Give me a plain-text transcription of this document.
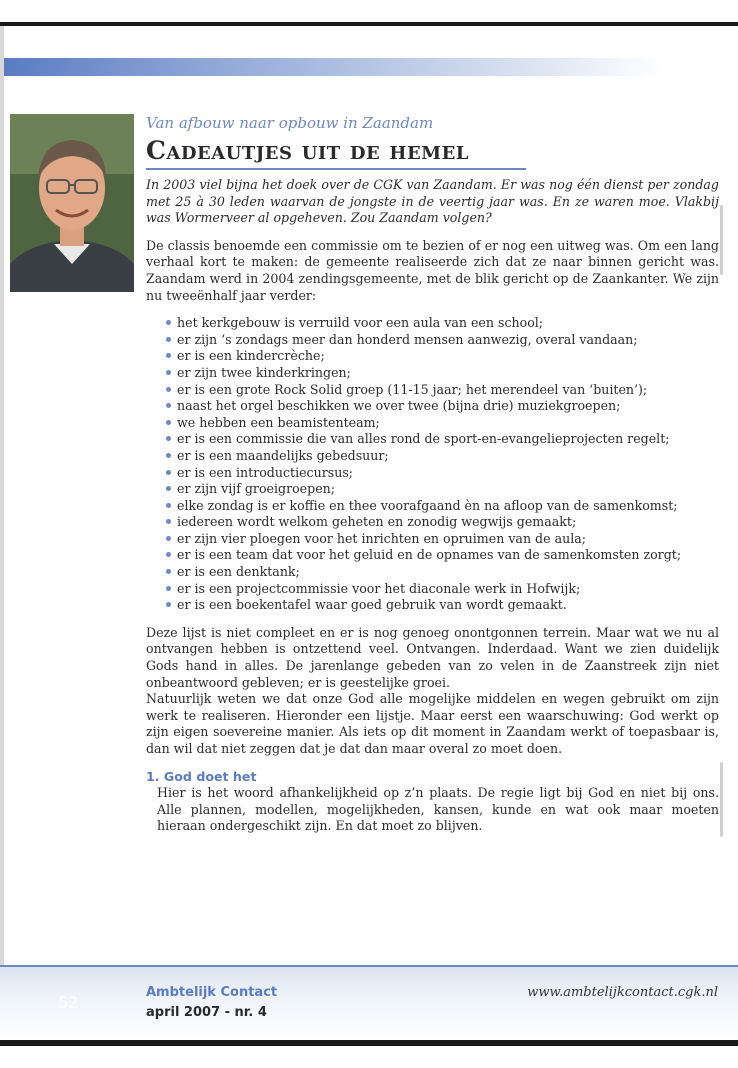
Van afbouw naar opbouw in Zaandam

Cadeautjes uit de hemel

In 2003 viel bijna het doek over de CGK van Zaandam. Er was nog één dienst per zondag met 25 à 30 leden waarvan de jongste in de veertig jaar was. En ze waren moe. Vlakbij was Wormerveer al opgeheven. Zou Zaandam volgen?

De classis benoemde een commissie om te bezien of er nog een uitweg was. Om een lang verhaal kort te maken: de gemeente realiseerde zich dat ze naar binnen gericht was. Zaandam werd in 2004 zendingsgemeente, met de blik gericht op de Zaankanter. We zijn nu tweeënhalf jaar verder:

het kerkgebouw is verruild voor een aula van een school;
er zijn ‘s zondags meer dan honderd mensen aanwezig, overal vandaan;
er is een kindercrèche;
er zijn twee kinderkringen;
er is een grote Rock Solid groep (11-15 jaar; het merendeel van ‘buiten’);
naast het orgel beschikken we over twee (bijna drie) muziekgroepen;
we hebben een beamistenteam;
er is een commissie die van alles rond de sport-en-evangelieprojecten regelt;
er is een maandelijks gebedsuur;
er is een introductiecursus;
er zijn vijf groeigroepen;
elke zondag is er koffie en thee voorafgaand èn na afloop van de samenkomst;
iedereen wordt welkom geheten en zonodig wegwijs gemaakt;
er zijn vier ploegen voor het inrichten en opruimen van de aula;
er is een team dat voor het geluid en de opnames van de samenkomsten zorgt;
er is een denktank;
er is een projectcommissie voor het diaconale werk in Hofwijk;
er is een boekentafel waar goed gebruik van wordt gemaakt.

Deze lijst is niet compleet en er is nog genoeg onontgonnen terrein. Maar wat we nu al ontvangen hebben is ontzettend veel. Ontvangen. Inderdaad. Want we zien duidelijk Gods hand in alles. De jarenlange gebeden van zo velen in de Zaanstreek zijn niet onbeantwoord gebleven; er is geestelijke groei.

Natuurlijk weten we dat onze God alle mogelijke middelen en wegen gebruikt om zijn werk te realiseren. Hieronder een lijstje. Maar eerst een waarschuwing: God werkt op zijn eigen soevereine manier. Als iets op dit moment in Zaandam werkt of toepasbaar is, dan wil dat niet zeggen dat je dat dan maar overal zo moet doen.

1. God doet het

Hier is het woord afhankelijkheid op z’n plaats. De regie ligt bij God en niet bij ons. Alle plannen, modellen, mogelijkheden, kansen, kunde en wat ook maar moeten hieraan ondergeschikt zijn. En dat moet zo blijven.

52
Ambtelijk Contact
april 2007 - nr. 4
www.ambtelijkcontact.cgk.nl
